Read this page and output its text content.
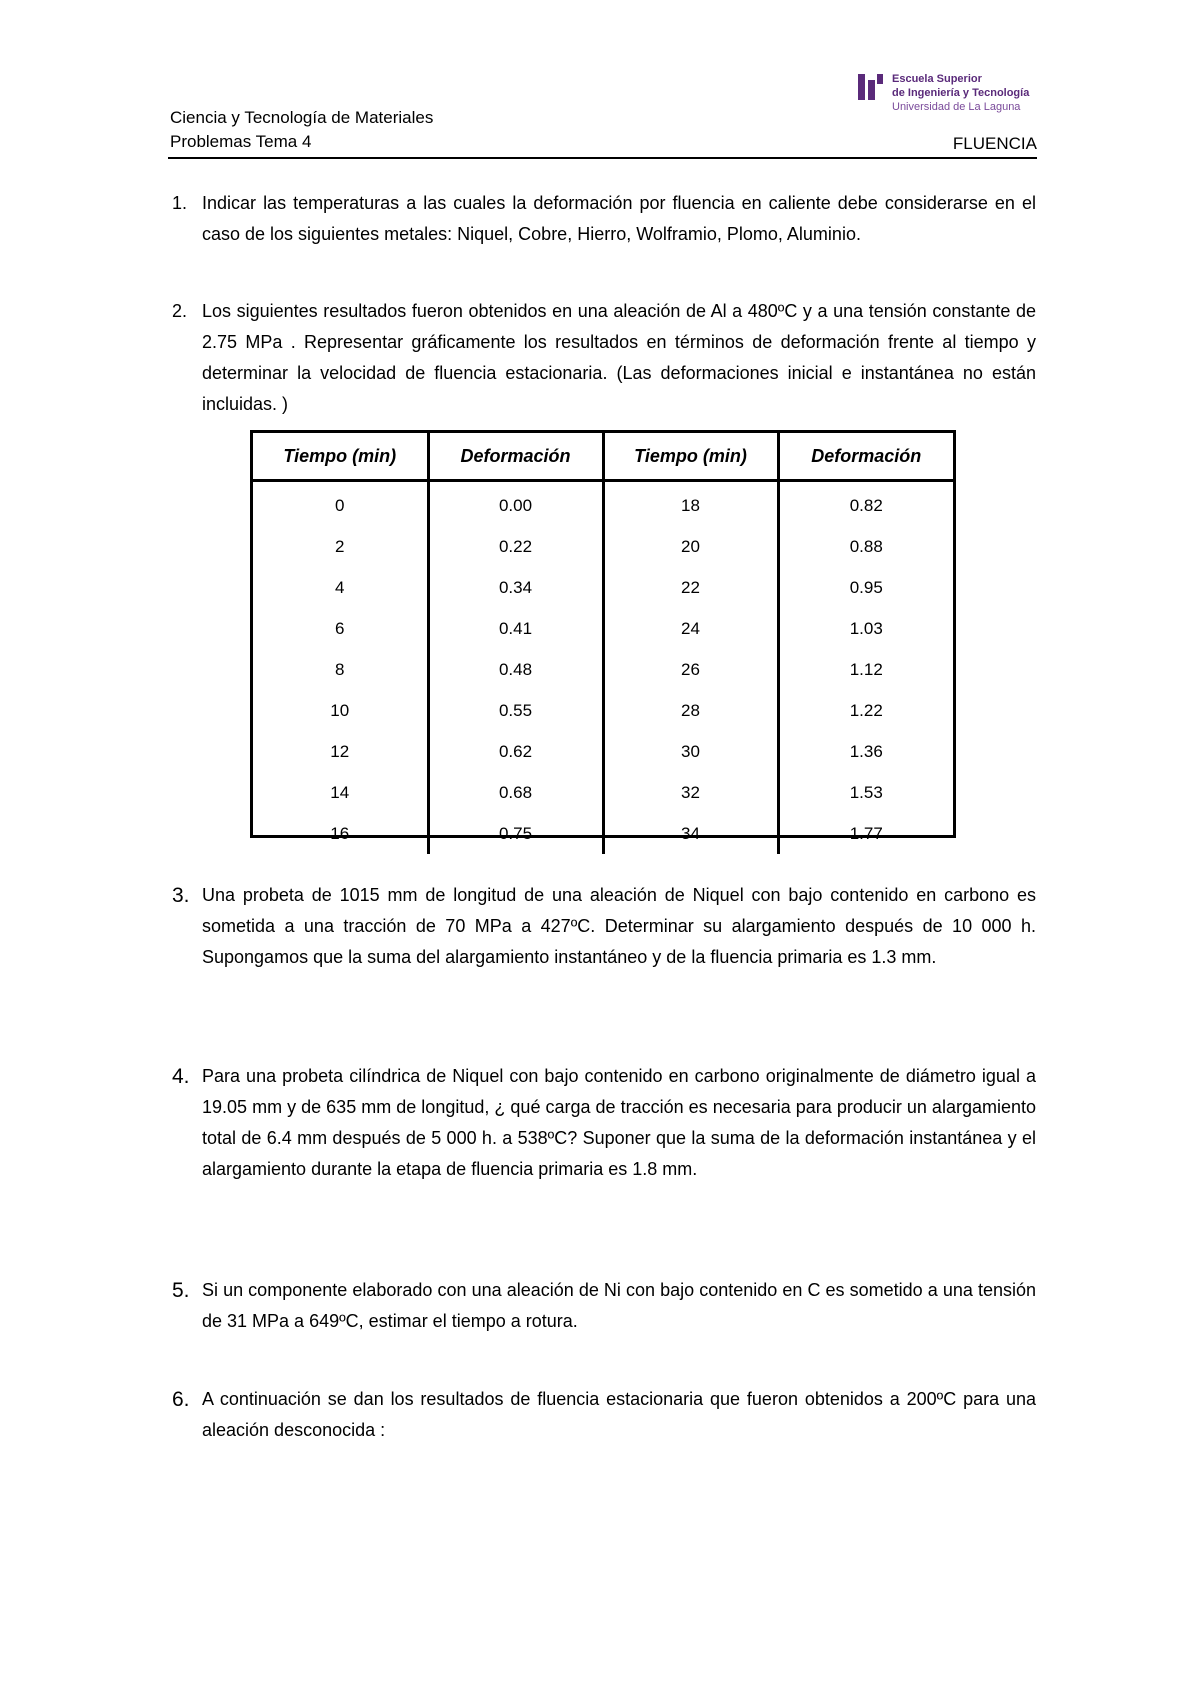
Escuela Superior
de Ingeniería y Tecnología
Universidad de La Laguna
Ciencia y Tecnología de Materiales
Problemas Tema 4	FLUENCIA
1. Indicar las temperaturas a las cuales la deformación por fluencia en caliente debe considerarse en el caso de los siguientes metales: Niquel, Cobre, Hierro, Wolframio, Plomo, Aluminio.
2. Los siguientes resultados fueron obtenidos en una aleación de Al a 480ºC y a una tensión constante de 2.75 MPa . Representar gráficamente los resultados en términos de deformación frente al tiempo y determinar la velocidad de fluencia estacionaria. (Las deformaciones inicial e instantánea no están incluidas. )
Tiempo (min)	Deformación	Tiempo (min)	Deformación
0	0.00	18	0.82
2	0.22	20	0.88
4	0.34	22	0.95
6	0.41	24	1.03
8	0.48	26	1.12
10	0.55	28	1.22
12	0.62	30	1.36
14	0.68	32	1.53
16	0.75	34	1.77
3. Una probeta de 1015 mm de longitud de una aleación de Niquel con bajo contenido en carbono es sometida a una tracción de 70 MPa a 427ºC. Determinar su alargamiento después de 10 000 h. Supongamos que la suma del alargamiento instantáneo y de la fluencia primaria es 1.3 mm.
4. Para una probeta cilíndrica de Niquel con bajo contenido en carbono originalmente de diámetro igual a 19.05 mm y de 635 mm de longitud, ¿ qué carga de tracción es necesaria para producir un alargamiento total de 6.4 mm después de 5 000 h. a 538ºC? Suponer que la suma de la deformación instantánea y el alargamiento durante la etapa de fluencia primaria es 1.8 mm.
5. Si un componente elaborado con una aleación de Ni con bajo contenido en C es sometido a una tensión de 31 MPa a 649ºC, estimar el tiempo a rotura.
6. A continuación se dan los resultados de fluencia estacionaria que fueron obtenidos a 200ºC para una aleación desconocida :
